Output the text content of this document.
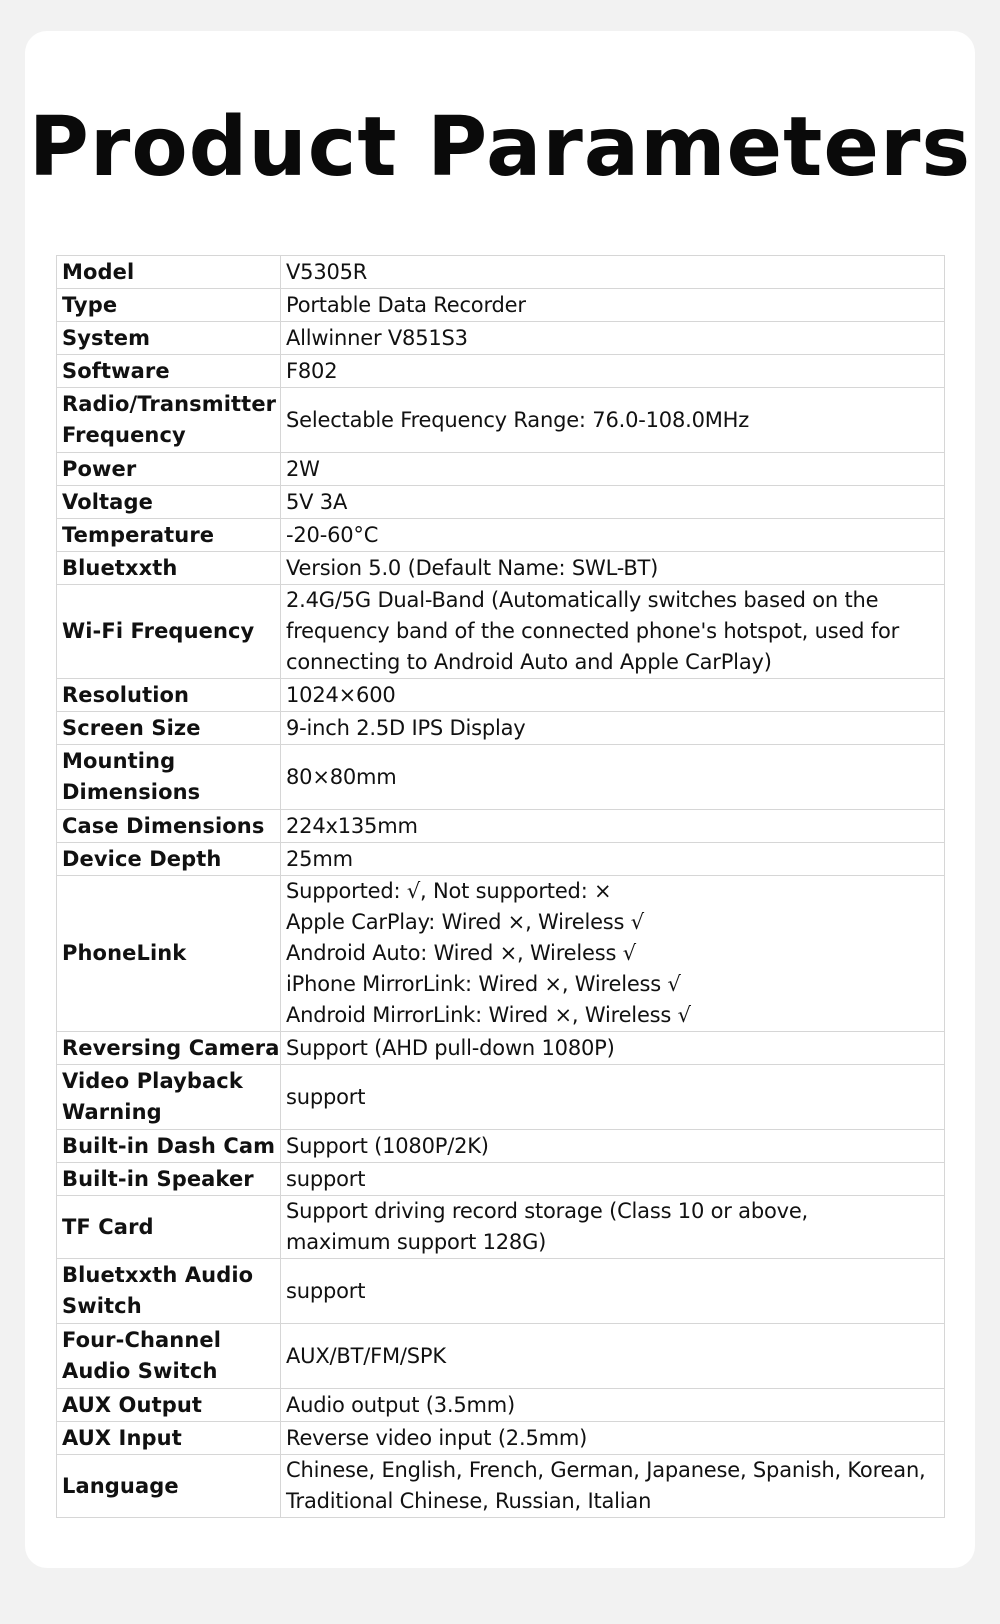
Product Parameters
Model	V5305R
Type	Portable Data Recorder
System	Allwinner V851S3
Software	F802
Radio/Transmitter
Frequency	Selectable Frequency Range: 76.0-108.0MHz
Power	2W
Voltage	5V 3A
Temperature	-20-60°C
Bluetxxth	Version 5.0 (Default Name: SWL-BT)
Wi-Fi Frequency	2.4G/5G Dual-Band (Automatically switches based on the
frequency band of the connected phone's hotspot, used for
connecting to Android Auto and Apple CarPlay)
Resolution	1024×600
Screen Size	9-inch 2.5D IPS Display
Mounting
Dimensions	80×80mm
Case Dimensions	224x135mm
Device Depth	25mm
PhoneLink	Supported: √, Not supported: ×
Apple CarPlay: Wired ×, Wireless √
Android Auto: Wired ×, Wireless √
iPhone MirrorLink: Wired ×, Wireless √
Android MirrorLink: Wired ×, Wireless √
Reversing Camera	Support (AHD pull-down 1080P)
Video Playback
Warning	support
Built-in Dash Cam	Support (1080P/2K)
Built-in Speaker	support
TF Card	Support driving record storage (Class 10 or above,
maximum support 128G)
Bluetxxth Audio
Switch	support
Four-Channel
Audio Switch	AUX/BT/FM/SPK
AUX Output	Audio output (3.5mm)
AUX Input	Reverse video input (2.5mm)
Language	Chinese, English, French, German, Japanese, Spanish, Korean,
Traditional Chinese, Russian, Italian
